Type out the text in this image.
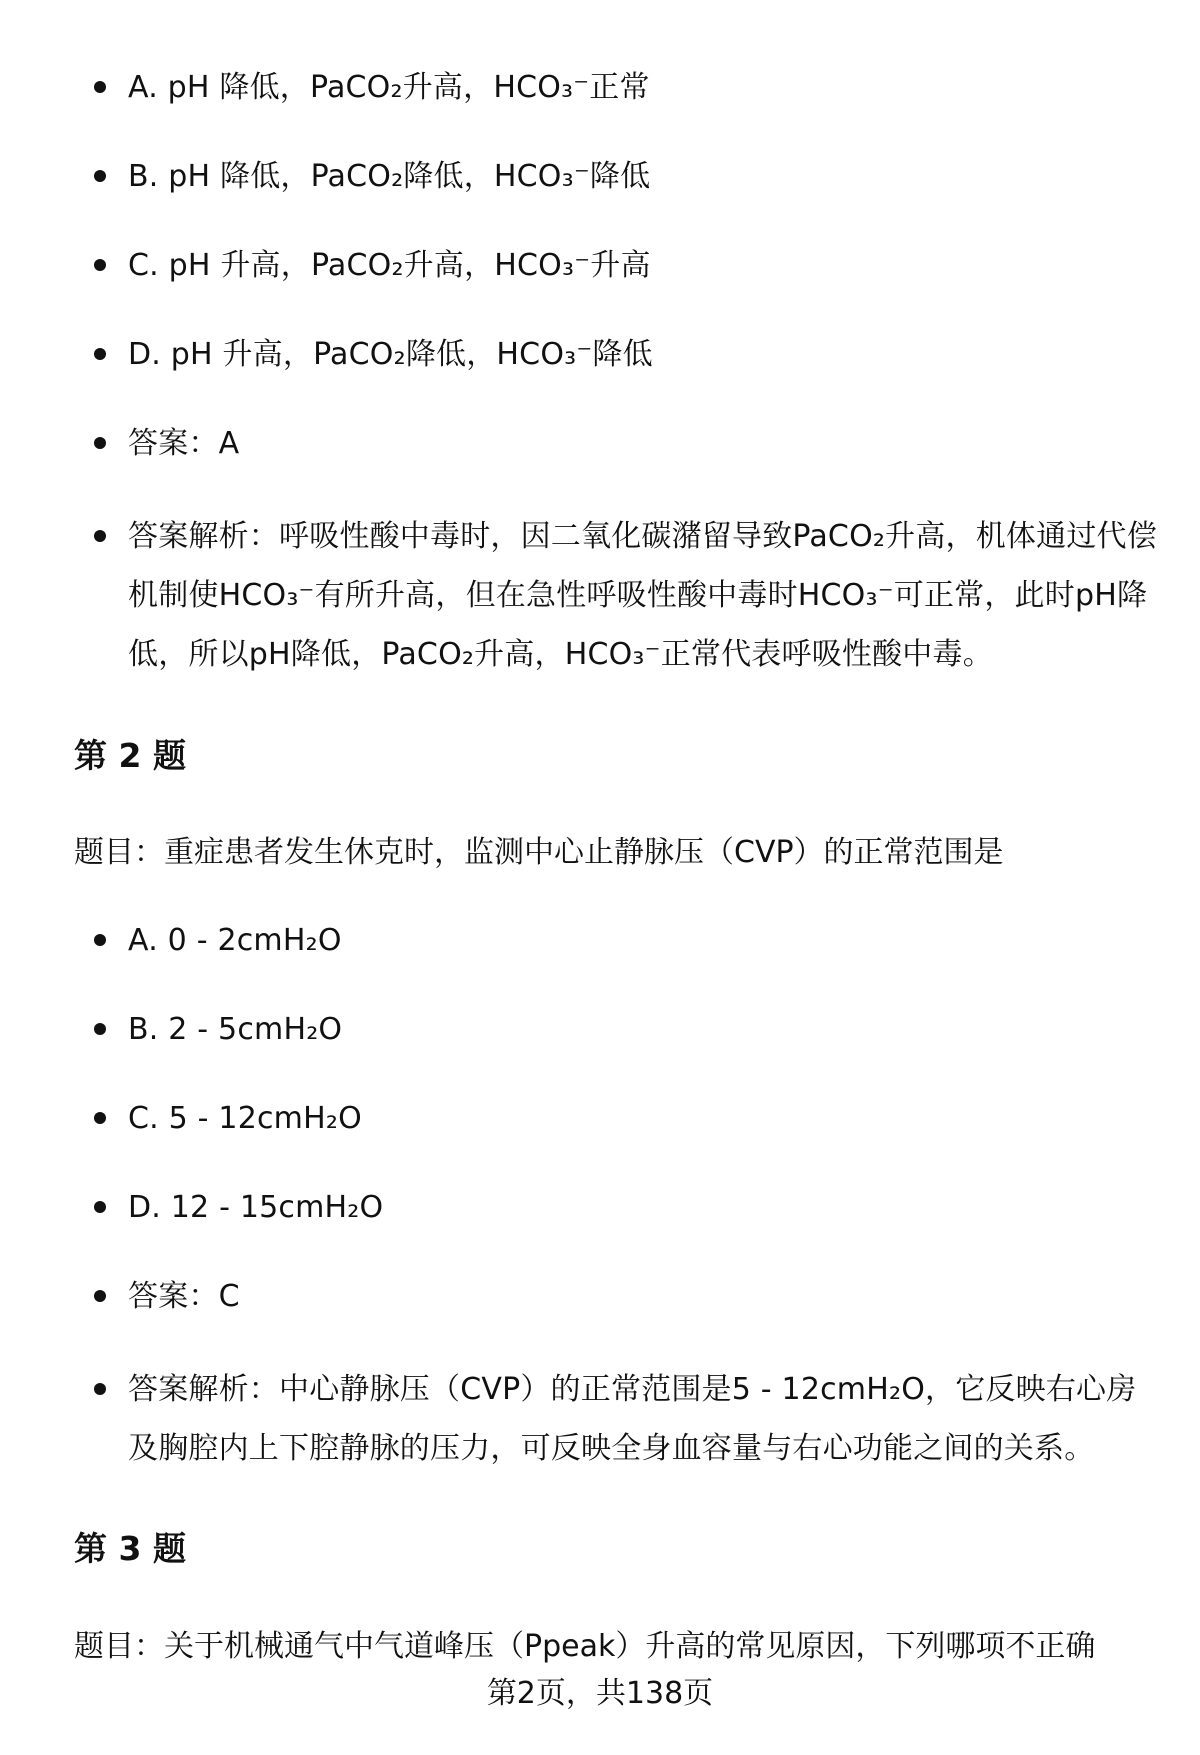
A. pH 降低，PaCO₂升高，HCO₃⁻正常
B. pH 降低，PaCO₂降低，HCO₃⁻降低
C. pH 升高，PaCO₂升高，HCO₃⁻升高
D. pH 升高，PaCO₂降低，HCO₃⁻降低
答案：A
答案解析：呼吸性酸中毒时，因二氧化碳潴留导致PaCO₂升高，机体通过代偿机制使HCO₃⁻有所升高，但在急性呼吸性酸中毒时HCO₃⁻可正常，此时pH降低，所以pH降低，PaCO₂升高，HCO₃⁻正常代表呼吸性酸中毒。
第 2 题
题目：重症患者发生休克时，监测中心止静脉压（CVP）的正常范围是
A. 0 - 2cmH₂O
B. 2 - 5cmH₂O
C. 5 - 12cmH₂O
D. 12 - 15cmH₂O
答案：C
答案解析：中心静脉压（CVP）的正常范围是5 - 12cmH₂O，它反映右心房及胸腔内上下腔静脉的压力，可反映全身血容量与右心功能之间的关系。
第 3 题
题目：关于机械通气中气道峰压（Ppeak）升高的常见原因，下列哪项不正确
第2页，共138页
